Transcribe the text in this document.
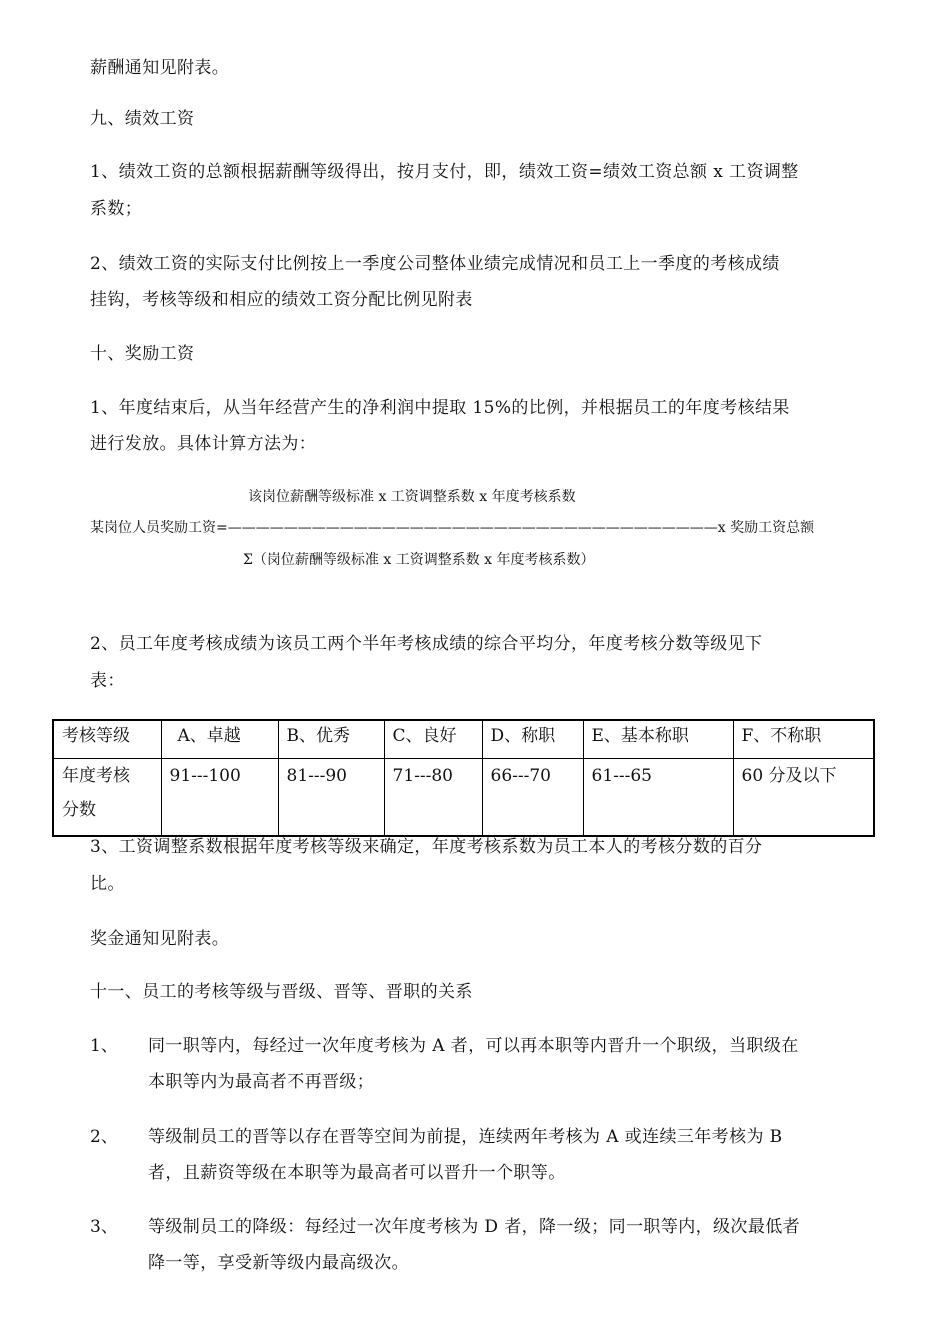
薪酬通知见附表。
九、绩效工资
1、绩效工资的总额根据薪酬等级得出，按月支付，即，绩效工资=绩效工资总额 x 工资调整
系数；
2、绩效工资的实际支付比例按上一季度公司整体业绩完成情况和员工上一季度的考核成绩
挂钩，考核等级和相应的绩效工资分配比例见附表
十、奖励工资
1、年度结束后，从当年经营产生的净利润中提取 15%的比例，并根据员工的年度考核结果
进行发放。具体计算方法为：
该岗位薪酬等级标准 x 工资调整系数 x 年度考核系数
某岗位人员奖励工资=———————————————————————————————————x 奖励工资总额
Σ（岗位薪酬等级标准 x 工资调整系数 x 年度考核系数）
2、员工年度考核成绩为该员工两个半年考核成绩的综合平均分，年度考核分数等级见下
表：
考核等级	A、卓越	B、优秀	C、良好	D、称职	E、基本称职	F、不称职
年度考核
分数	91---100	81---90	71---80	66---70	61---65	60 分及以下
3、工资调整系数根据年度考核等级来确定，年度考核系数为员工本人的考核分数的百分
比。
奖金通知见附表。
十一、员工的考核等级与晋级、晋等、晋职的关系
1、 同一职等内，每经过一次年度考核为 A 者，可以再本职等内晋升一个职级，当职级在
本职等内为最高者不再晋级；
2、 等级制员工的晋等以存在晋等空间为前提，连续两年考核为 A 或连续三年考核为 B
者，且薪资等级在本职等为最高者可以晋升一个职等。
3、 等级制员工的降级：每经过一次年度考核为 D 者，降一级；同一职等内，级次最低者
降一等，享受新等级内最高级次。
